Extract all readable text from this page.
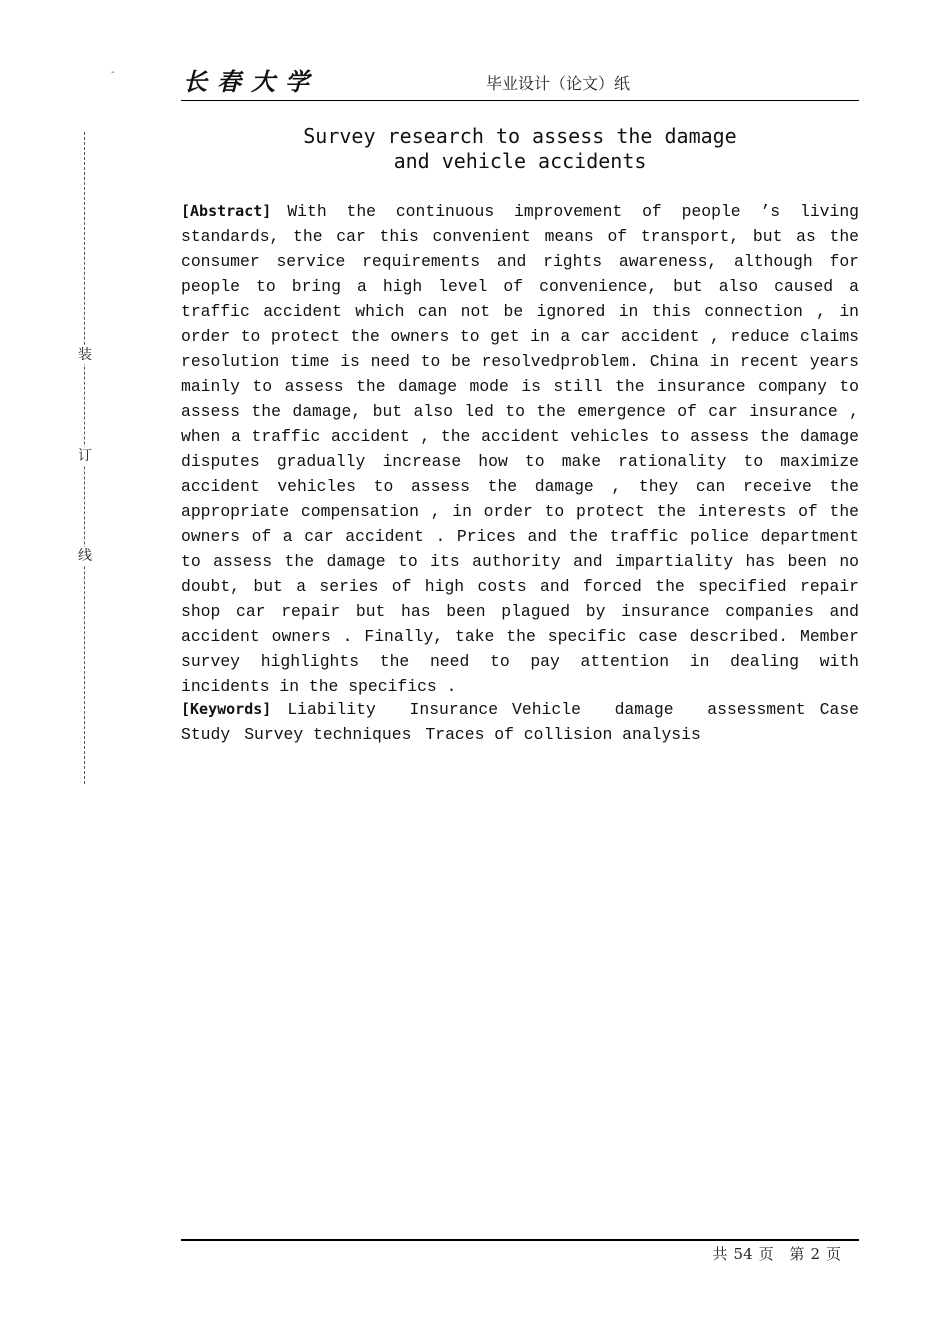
-
装
订
线
长春大学	毕业设计（论文）纸
Survey research to assess the damage
and vehicle accidents
[Abstract] With the continuous improvement of people ’s living standards, the car this convenient means of transport, but as the consumer service requirements and rights awareness, although for people to bring a high level of convenience, but also caused a traffic accident which can not be ignored in this connection , in order to protect the owners to get in a car accident , reduce claims resolution time is need to be resolvedproblem. China in recent years mainly to assess the damage mode is still the insurance company to assess the damage, but also led to the emergence of car insurance , when a traffic accident , the accident vehicles to assess the damage disputes gradually increase how to make rationality to maximize accident vehicles to assess the damage , they can receive the appropriate compensation , in order to protect the interests of the owners of a car accident . Prices and the traffic police department to assess the damage to its authority and impartiality has been no doubt, but a series of high costs and forced the specified repair shop car repair but has been plagued by insurance companies and accident owners . Finally, take the specific case described. Member survey highlights the need to pay attention in dealing with incidents in the specifics .
[Keywords] Liability Insurance Vehicle damage assessment Case Study Survey techniques Traces of collision analysis
共 54 页 第 2 页
